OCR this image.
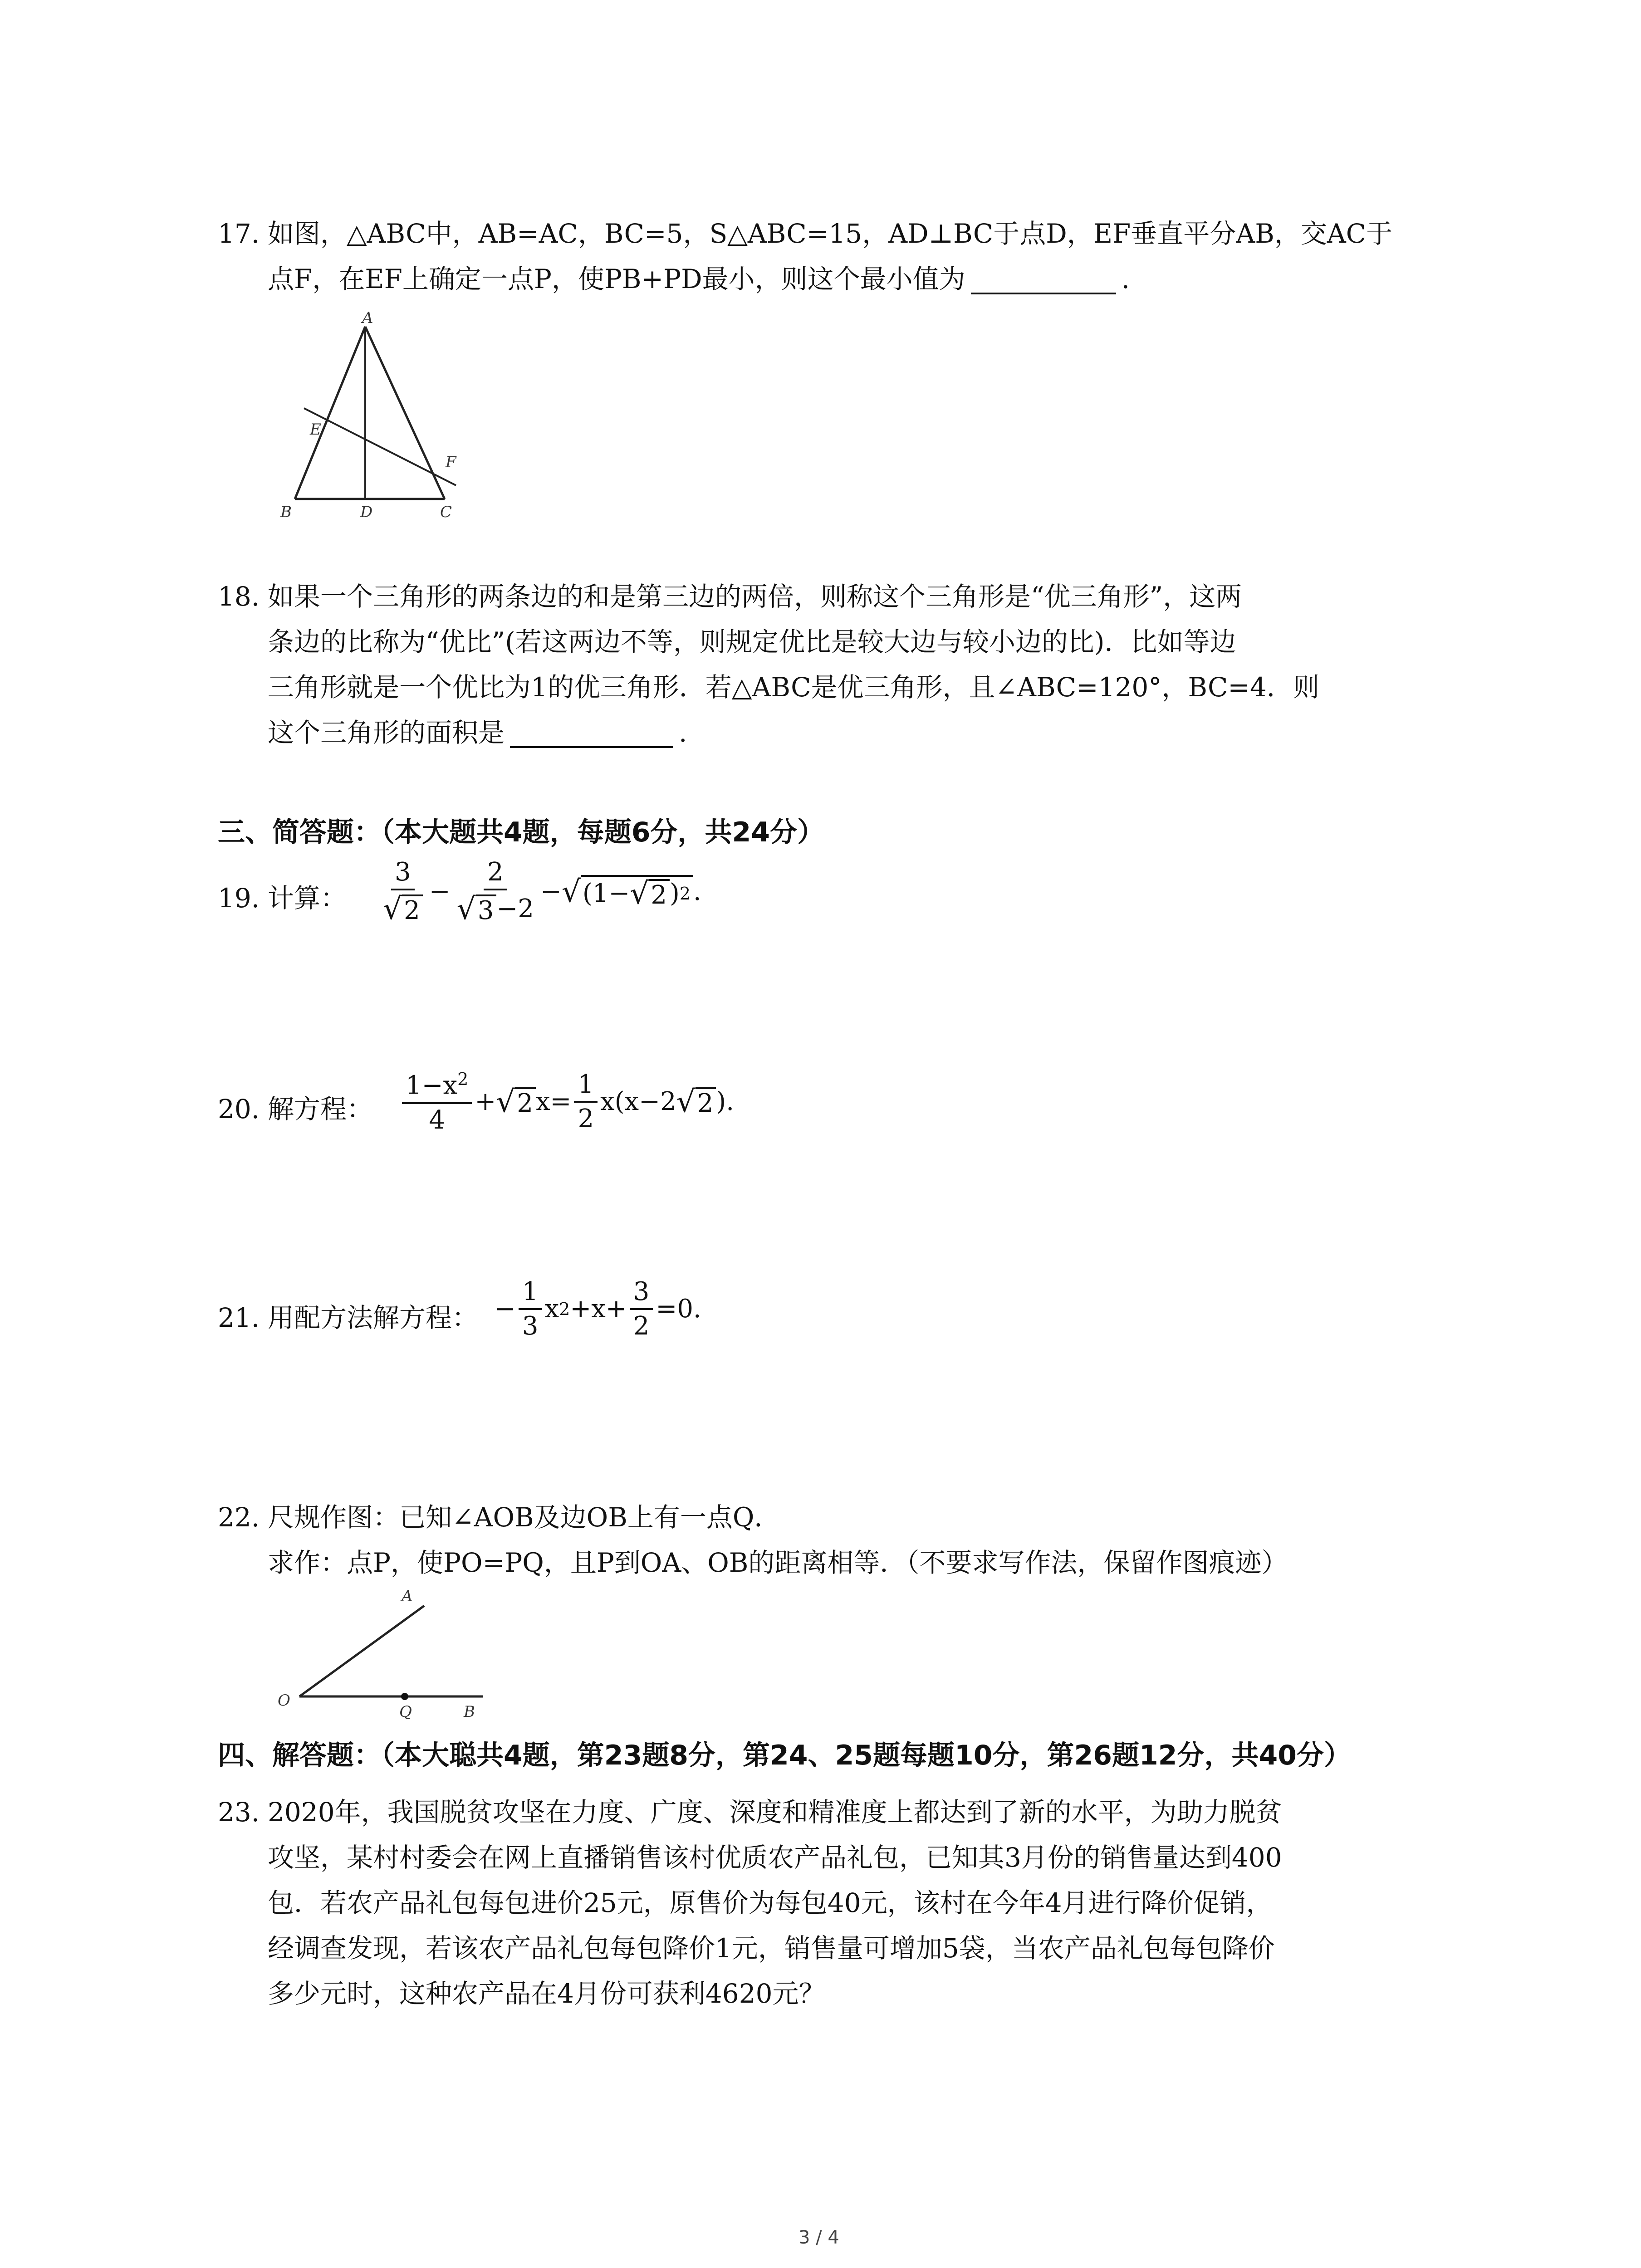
17. 如图，△ABC中，AB=AC，BC=5，S△ABC=15，AD⊥BC于点D，EF垂直平分AB，交AC于
点F，在EF上确定一点P，使PB+PD最小，则这个最小值为	.
A
B	C
D
E
F
18. 如果一个三角形的两条边的和是第三边的两倍，则称这个三角形是“优三角形”，这两
条边的比称为“优比”(若这两边不等，则规定优比是较大边与较小边的比)．比如等边
三角形就是一个优比为1的优三角形．若△ABC是优三角形，且∠ABC=120°，BC=4．则
这个三角形的面积是	.
三、简答题：（本大题共4题，每题6分，共24分）
19. 计算： $\frac{3}{√ 2} - \frac{2}{√ 3 -2}$ − √ (1− √ 2 ) 2 .
20. 解方程： $\frac{1-x^2}{4}$ + √ 2 $x= \frac{1}{2} x(x-2$ √ 2 ).
21. 用配方法解方程： − $\frac{1}{3}$ x $2 +x+ \frac{3}{2} =0$.
22. 尺规作图：已知∠AOB及边OB上有一点Q．
求作：点P，使PO=PQ，且P到OA、OB的距离相等．（不要求写作法，保留作图痕迹）
A
O
Q	B
四、解答题：（本大聪共4题，第23题8分，第24、25题每题10分，第26题12分，共40分）
23. 2020年，我国脱贫攻坚在力度、广度、深度和精准度上都达到了新的水平，为助力脱贫
攻坚，某村村委会在网上直播销售该村优质农产品礼包，已知其3月份的销售量达到400
包．若农产品礼包每包进价25元，原售价为每包40元，该村在今年4月进行降价促销，
经调查发现，若该农产品礼包每包降价1元，销售量可增加5袋，当农产品礼包每包降价
多少元时，这种农产品在4月份可获利4620元？
3 / 4
